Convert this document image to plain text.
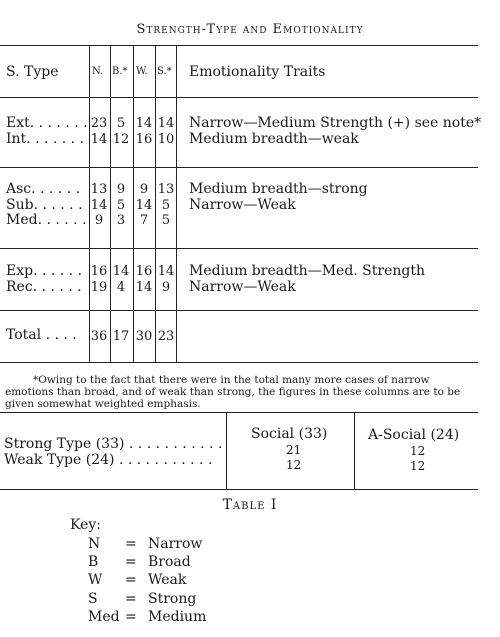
Strength-Type and Emotionality
S. Type	N. B.* W. S.* Emotionality Traits
Ext. . . . . . . 23 5 14 14 Narrow—Medium Strength (+) see note*
Int. . . . . . . 14 12 16 10 Medium breadth—weak
Asc. . . . . . 13 9	9 13 Medium breadth—strong
Sub. . . . . . 14 5 14 5	Narrow—Weak
Med. . . . . . 9	3	7	5
Exp. . . . . . 16 14 16 14 Medium breadth—Med. Strength
Rec. . . . . . 19 4 14 9	Narrow—Weak
Total . . . . 36 17 30 23
*Owing to the fact that there were in the total many more cases of narrow emotions than broad, and of weak than strong, the figures in these columns are to be given somewhat weighted emphasis.
Social (33)	A-Social (24)
Strong Type (33) . . . . . . . . . . .	21	12
Weak Type (24) . . . . . . . . . . .	12	12
Table I
Key:
N = Narrow
B = Broad
W = Weak
S = Strong
Med = Medium
